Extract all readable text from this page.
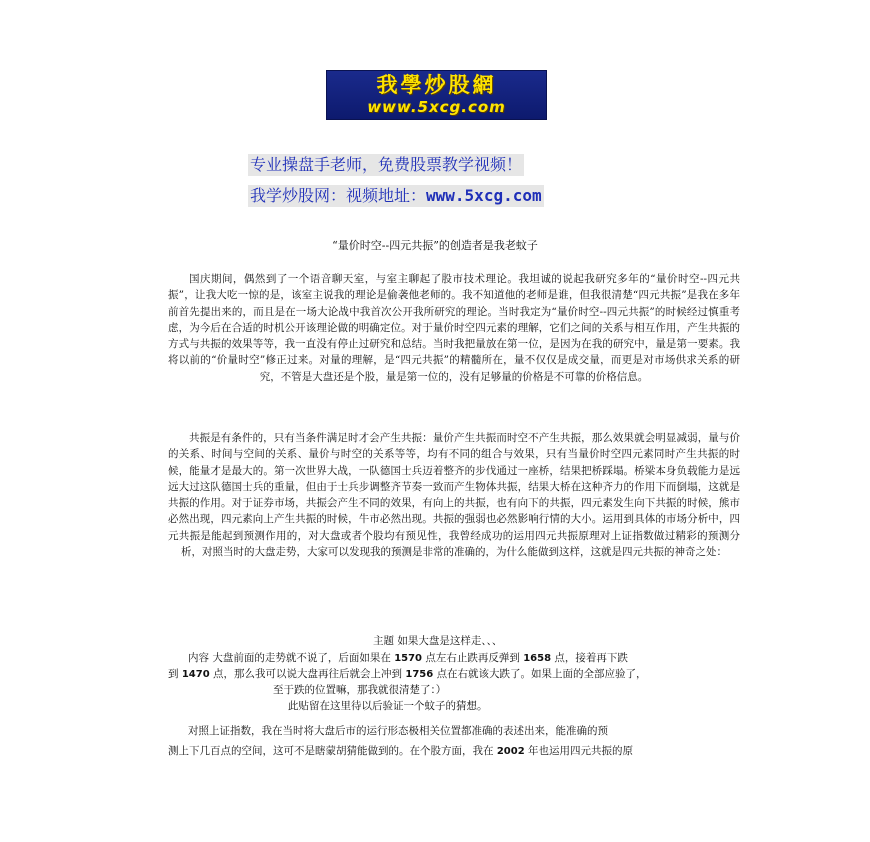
我學炒股網
www.5xcg.com
专业操盘手老师，免费股票教学视频！
我学炒股网：视频地址：www.5xcg.com
“量价时空--四元共振”的创造者是我老蚊子

国庆期间，偶然到了一个语音聊天室，与室主聊起了股市技术理论。我坦诚的说起我研究多年的“量价时空--四元共振”，让我大吃一惊的是，该室主说我的理论是偷袭他老师的。我不知道他的老师是谁，但我很清楚“四元共振”是我在多年前首先提出来的，而且是在一场大论战中我首次公开我所研究的理论。当时我定为“量价时空--四元共振”的时候经过慎重考虑，为今后在合适的时机公开该理论做的明确定位。对于量价时空四元素的理解，它们之间的关系与相互作用，产生共振的方式与共振的效果等等，我一直没有停止过研究和总结。当时我把量放在第一位，是因为在我的研究中，量是第一要素。我将以前的“价量时空”修正过来。对量的理解，是“四元共振”的精髓所在，量不仅仅是成交量，而更是对市场供求关系的研究，不管是大盘还是个股，量是第一位的，没有足够量的价格是不可靠的价格信息。

共振是有条件的，只有当条件满足时才会产生共振：量价产生共振而时空不产生共振，那么效果就会明显减弱，量与价的关系、时间与空间的关系、量价与时空的关系等等，均有不同的组合与效果，只有当量价时空四元素同时产生共振的时候，能量才是最大的。第一次世界大战，一队德国士兵迈着整齐的步伐通过一座桥，结果把桥踩塌。桥梁本身负载能力是远远大过这队德国士兵的重量，但由于士兵步调整齐节奏一致而产生物体共振，结果大桥在这种齐力的作用下而倒塌，这就是共振的作用。对于证券市场，共振会产生不同的效果，有向上的共振，也有向下的共振，四元素发生向下共振的时候，熊市必然出现，四元素向上产生共振的时候，牛市必然出现。共振的强弱也必然影响行情的大小。运用到具体的市场分析中，四元共振是能起到预测作用的，对大盘或者个股均有预见性，我曾经成功的运用四元共振原理对上证指数做过精彩的预测分析，对照当时的大盘走势，大家可以发现我的预测是非常的准确的，为什么能做到这样，这就是四元共振的神奇之处：

主题 如果大盘是这样走、、、
内容 大盘前面的走势就不说了，后面如果在 1570 点左右止跌再反弹到 1658 点，接着再下跌
到 1470 点，那么我可以说大盘再往后就会上冲到 1756 点在右就该大跌了。如果上面的全部应验了，
至于跌的位置嘛，那我就很清楚了：）
此贴留在这里待以后验证一个蚊子的猜想。
对照上证指数，我在当时将大盘后市的运行形态极相关位置都准确的表述出来，能准确的预
测上下几百点的空间，这可不是瞎蒙胡猜能做到的。在个股方面，我在 2002 年也运用四元共振的原
